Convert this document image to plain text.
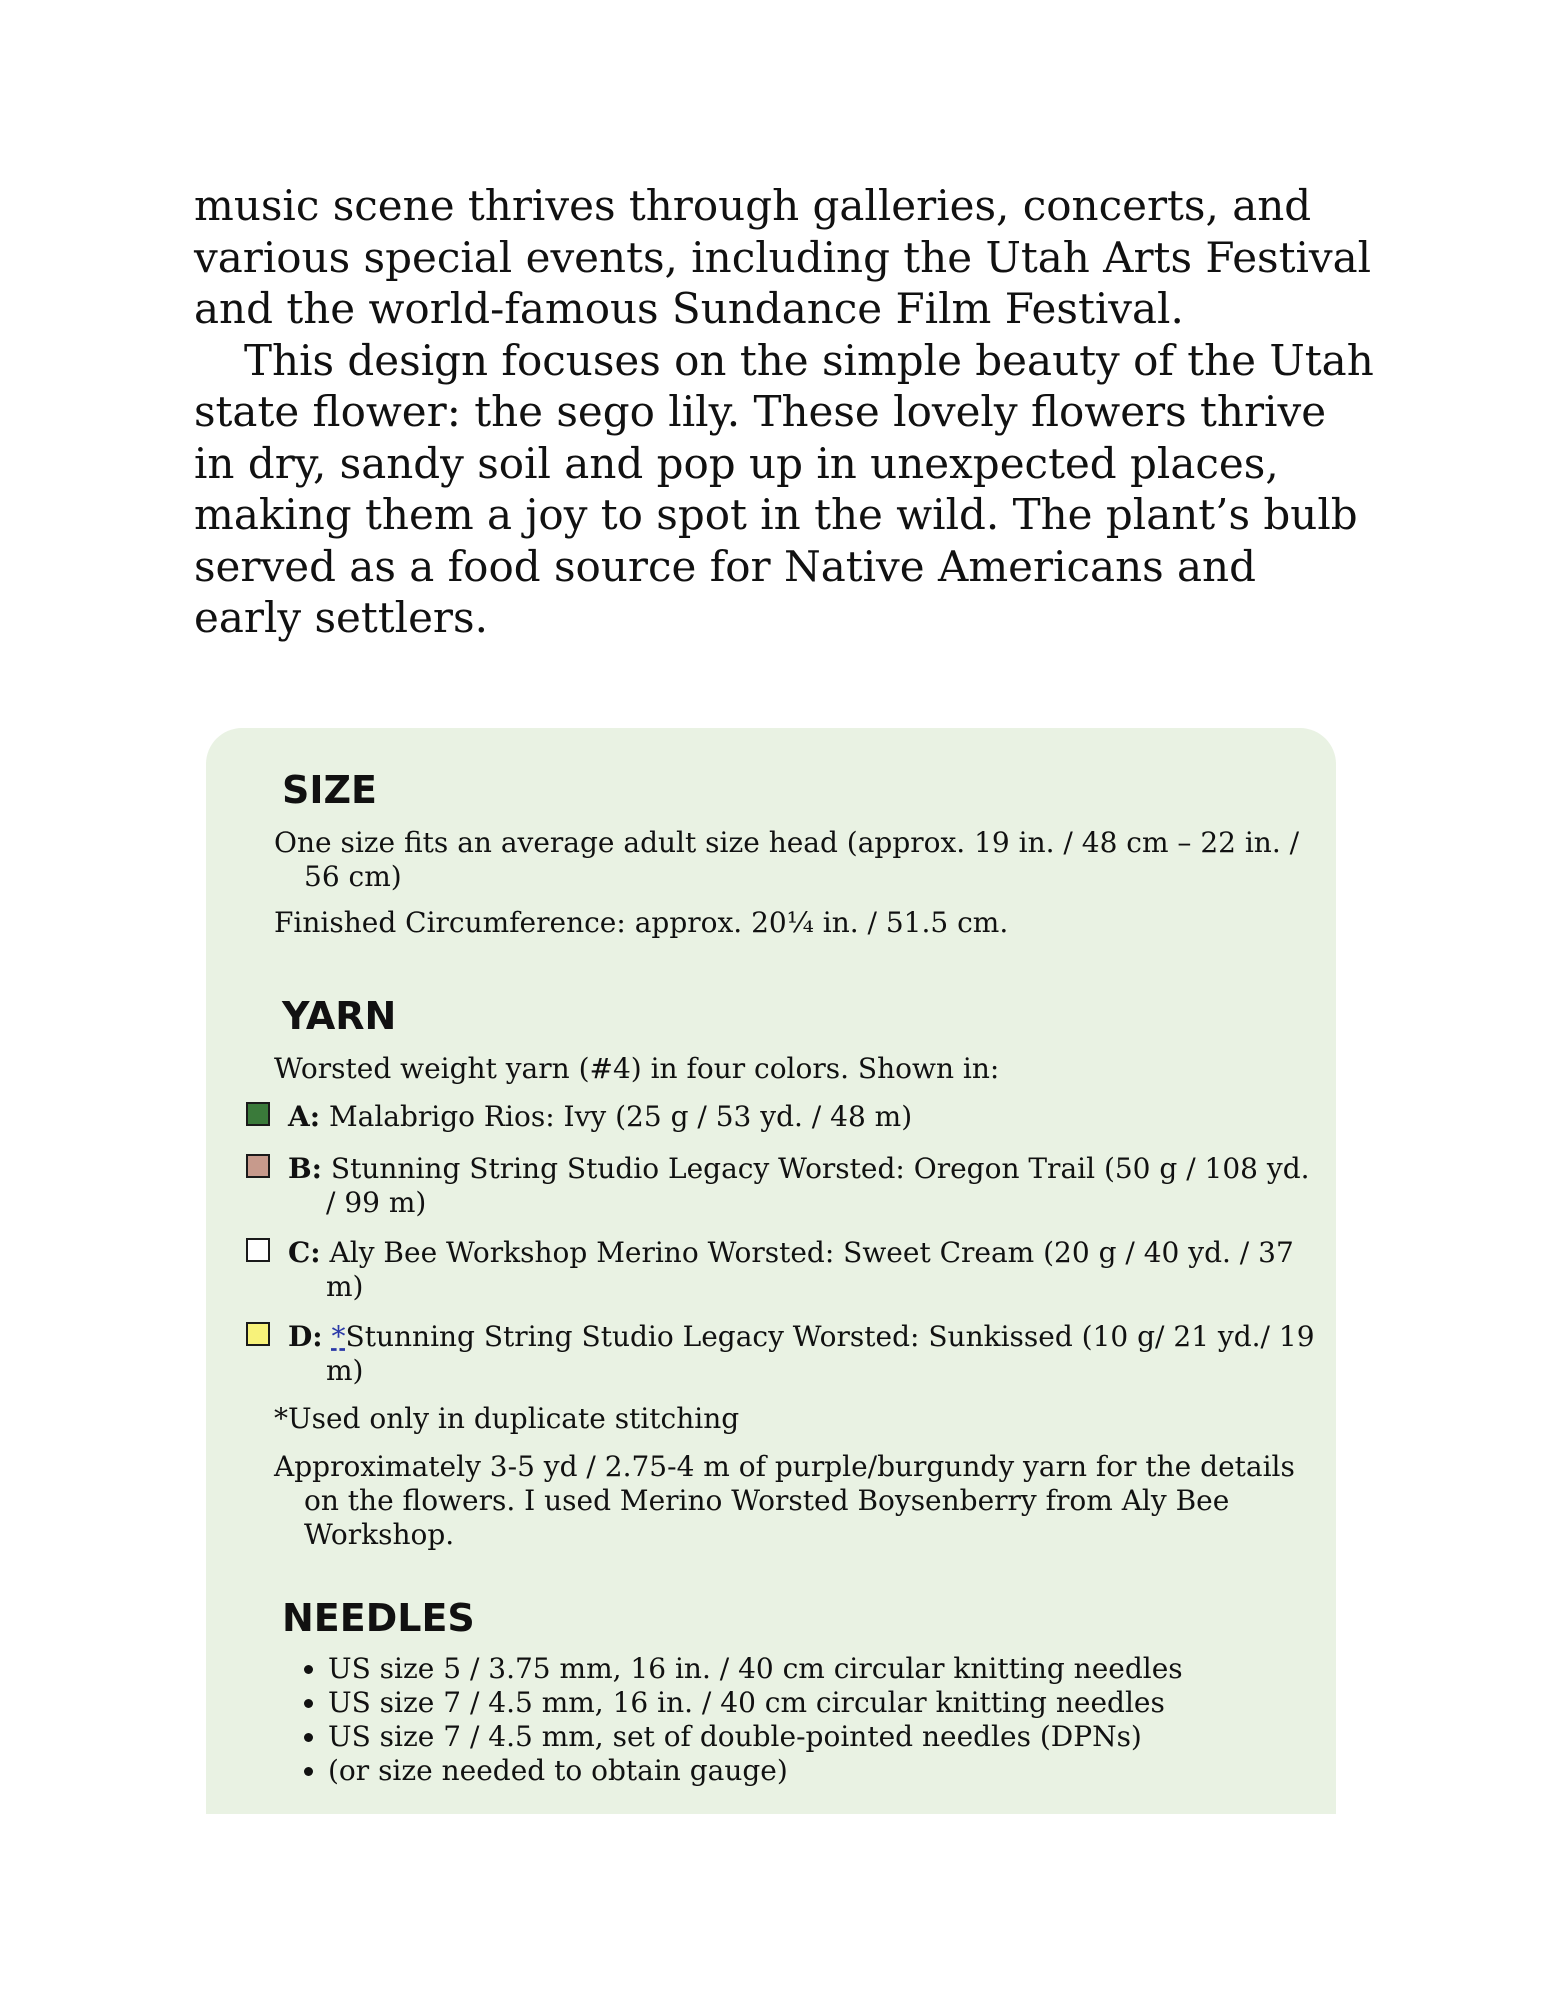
music scene thrives through galleries, concerts, and various special events, including the Utah Arts Festival and the world-famous Sundance Film Festival.

This design focuses on the simple beauty of the Utah state flower: the sego lily. These lovely flowers thrive in dry, sandy soil and pop up in unexpected places, making them a joy to spot in the wild. The plant’s bulb served as a food source for Native Americans and early settlers.

SIZE
One size fits an average adult size head (approx. 19 in. / 48 cm – 22 in. / 56 cm)
Finished Circumference: approx. 20¼ in. / 51.5 cm.
YARN
Worsted weight yarn (#4) in four colors. Shown in:
A: Malabrigo Rios: Ivy (25 g / 53 yd. / 48 m)
B: Stunning String Studio Legacy Worsted: Oregon Trail (50 g / 108 yd. / 99 m)
C: Aly Bee Workshop Merino Worsted: Sweet Cream (20 g / 40 yd. / 37 m)
D: *Stunning String Studio Legacy Worsted: Sunkissed (10 g/ 21 yd./ 19 m)
*Used only in duplicate stitching
Approximately 3-5 yd / 2.75-4 m of purple/burgundy yarn for the details on the flowers. I used Merino Worsted Boysenberry from Aly Bee Workshop.
NEEDLES
• US size 5 / 3.75 mm, 16 in. / 40 cm circular knitting needles
• US size 7 / 4.5 mm, 16 in. / 40 cm circular knitting needles
• US size 7 / 4.5 mm, set of double-pointed needles (DPNs)
• (or size needed to obtain gauge)
